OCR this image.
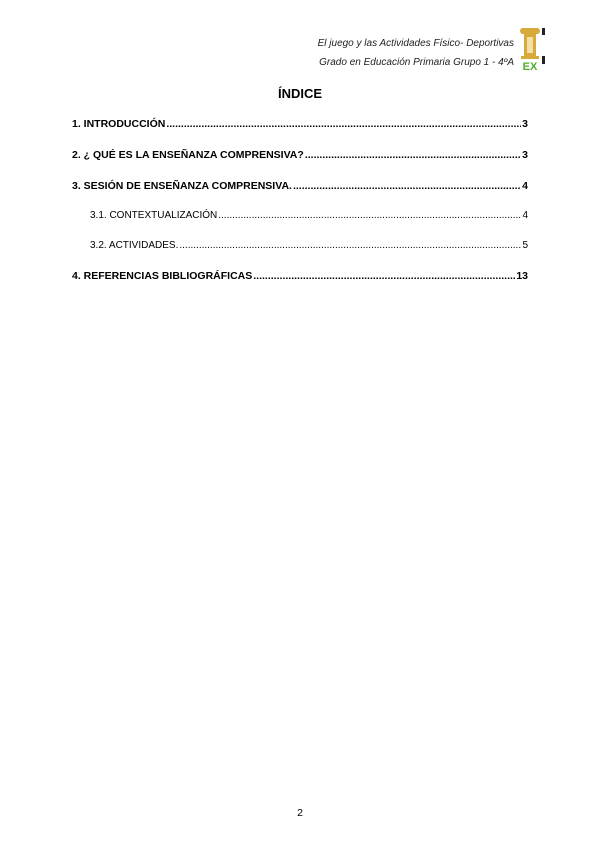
El juego y las Actividades Físico- Deportivas
Grado en Educación Primaria Grupo 1 - 4ºA EX
ÍNDICE
1. INTRODUCCIÓN .....	3
2. ¿ QUÉ ES LA ENSEÑANZA COMPRENSIVA? .....	3
3. SESIÓN DE ENSEÑANZA COMPRENSIVA. .....	4
3.1. CONTEXTUALIZACIÓN .....	4
3.2. ACTIVIDADES. .....	5
4. REFERENCIAS BIBLIOGRÁFICAS .....	13
2
